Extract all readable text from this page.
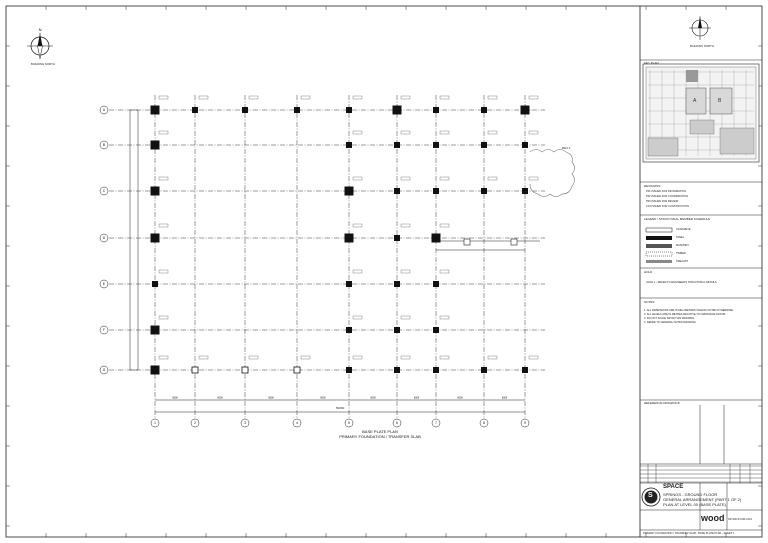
N
1	2	3	4	5	6	7	8	9
A
B
C
D
E
F
G
6000	6000	6000	6000	6000	6000	6000	6000
BUILDING NORTH
BUILDING NORTH
REV 1
KEY PLAN
A	B
REVISIONS
P01 ISSUED FOR INFORMATION
P02 ISSUED FOR COORDINATION
P03 ISSUED FOR REVIEW
C01 ISSUED FOR CONSTRUCTION
LEGEND / STRUCTURAL MEMBER SCHEDULE
CONCRETE
STEEL
MASONRY
TIMBER
PRECAST
HOLD
HOLD 1 - REFER TO ENGINEER'S STRUCTURAL DETAILS
NOTES
1. ALL DIMENSIONS ARE IN MILLIMETRES UNLESS NOTED OTHERWISE.
2. ALL LEVELS ARE IN METRES RELATIVE TO ORDNANCE DATUM.
3. DO NOT SCALE FROM THIS DRAWING.
4. REFER TO GENERAL NOTES DRAWING.
REFERENCE DRAWINGS
SPACE
SPRINGS - GROUND FLOOR
GENERAL ARRANGEMENT (PART 1 OF 2)
PLAN AT LEVEL 00 (BASE PLATE)
S
wood SP-WD-ST-DR-0101
PRIMARY FOUNDATION / TRANSFER SLAB - BASE PLATE PLAN - SHEET 1
BASE PLATE PLAN
PRIMARY FOUNDATION / TRANSFER SLAB
50000
